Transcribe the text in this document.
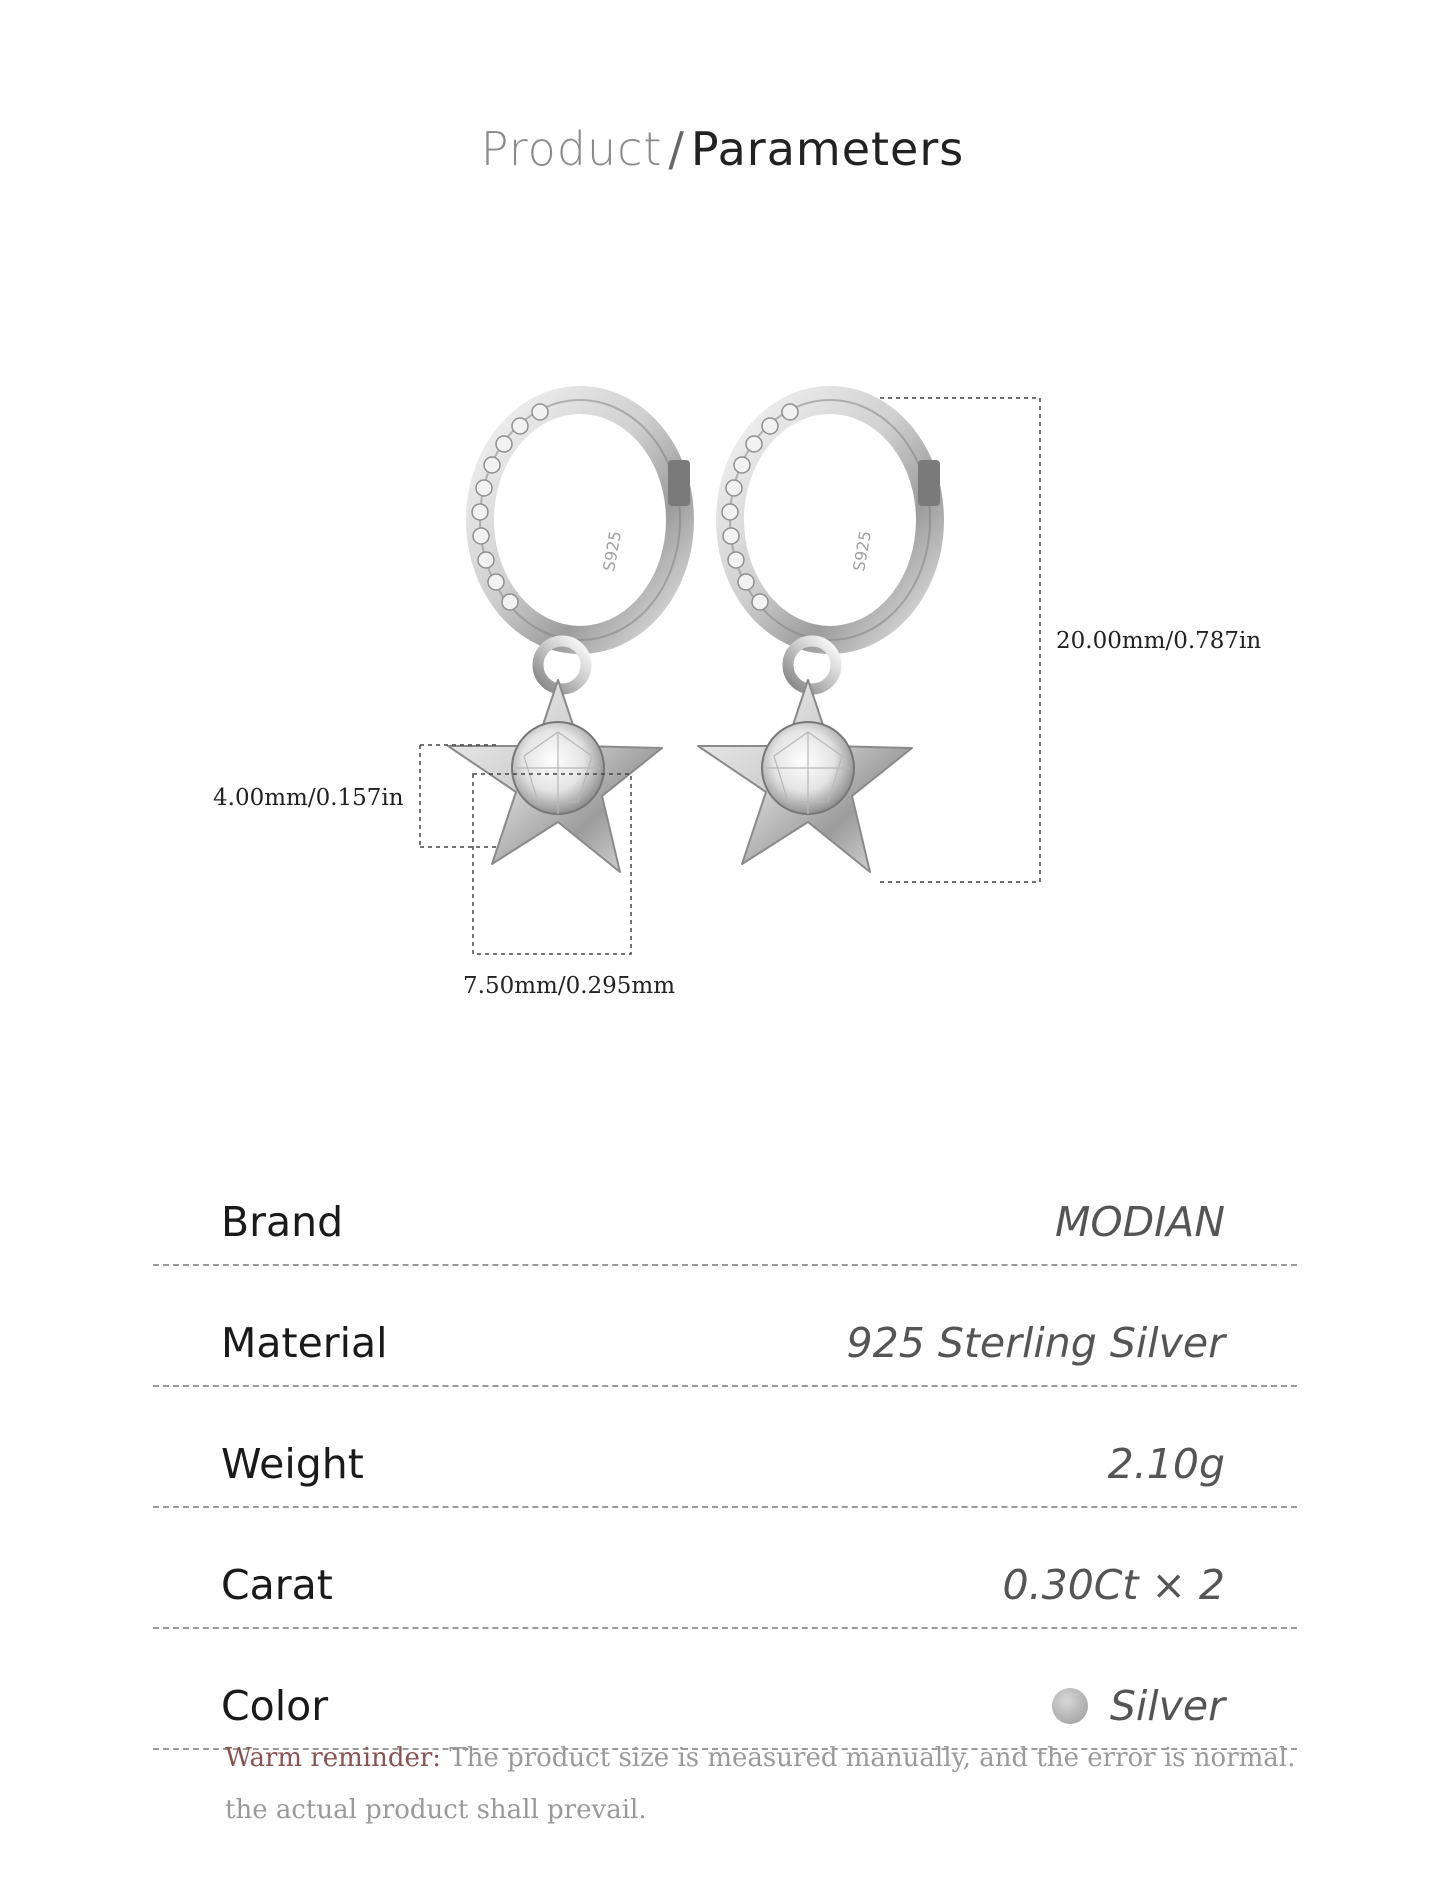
Product / Parameters
S925
20.00mm/0.787in
4.00mm/0.157in
7.50mm/0.295mm
Brand	MODIAN
Material	925 Sterling Silver
Weight	2.10g
Carat	0.30Ct × 2
Color	Silver
Warm reminder: The product size is measured manually, and the error is normal.
the actual product shall prevail.
